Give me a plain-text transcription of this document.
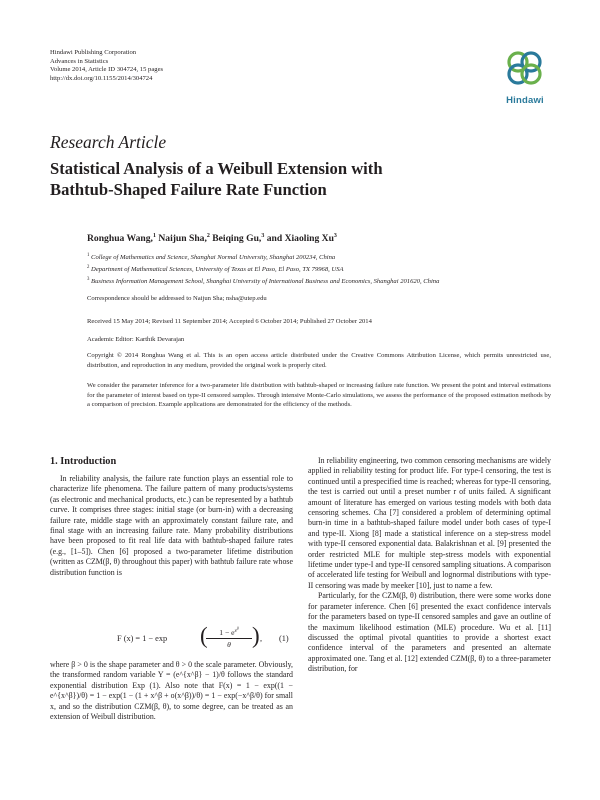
Hindawi Publishing Corporation
Advances in Statistics
Volume 2014, Article ID 304724, 15 pages
http://dx.doi.org/10.1155/2014/304724
Hindawi
Research Article
Statistical Analysis of a Weibull Extension with
Bathtub-Shaped Failure Rate Function
Ronghua Wang,$^1$ Naijun Sha,$^2$ Beiqing Gu,$^3$ and Xiaoling Xu$^3$
$^1$ College of Mathematics and Science, Shanghai Normal University, Shanghai 200234, China
$^2$ Department of Mathematical Sciences, University of Texas at El Paso, El Paso, TX 79968, USA
$^3$ Business Information Management School, Shanghai University of International Business and Economics, Shanghai 201620, China
Correspondence should be addressed to Naijun Sha; nsha@utep.edu
Received 15 May 2014; Revised 11 September 2014; Accepted 6 October 2014; Published 27 October 2014
Academic Editor: Karthik Devarajan
Copyright © 2014 Ronghua Wang et al. This is an open access article distributed under the Creative Commons Attribution License, which permits unrestricted use, distribution, and reproduction in any medium, provided the original work is properly cited.
We consider the parameter inference for a two-parameter life distribution with bathtub-shaped or increasing failure rate function. We present the point and interval estimations for the parameter of interest based on type-II censored samples. Through intensive Monte-Carlo simulations, we assess the performance of the proposed estimation methods by a comparison of precision. Example applications are demonstrated for the efficiency of the methods.
1. Introduction

In reliability analysis, the failure rate function plays an essential role to characterize life phenomena. The failure pattern of many products/systems (as electronic and mechanical products, etc.) can be represented by a bathtub curve. It comprises three stages: initial stage (or burn-in) with a decreasing failure rate, middle stage with an approximately constant failure rate, and final stage with an increasing failure rate. Many probability distributions have been proposed to fit real life data with bathtub-shaped failure rates (e.g., [1–5]). Chen [6] proposed a two-parameter lifetime distribution (written as CZM(β, θ) throughout this paper) with bathtub failure rate whose distribution function is

F (x) = 1 − exp (	$1 - e^{x^\beta}$
θ ) , (1)

where β > 0 is the shape parameter and θ > 0 the scale parameter. Obviously, the transformed random variable Y = (e^{x^β} − 1)/θ follows the standard exponential distribution Exp (1). Also note that F(x) = 1 − exp((1 − e^{x^β})/θ) = 1 − exp(1 − (1 + x^β + o(x^β))/θ) = 1 − exp(−x^β/θ) for small x, and so the distribution CZM(β, θ), to some degree, can be treated as an extension of Weibull distribution.

In reliability engineering, two common censoring mechanisms are widely applied in reliability testing for product life. For type-I censoring, the test is continued until a prespecified time is reached; whereas for type-II censoring, the test is carried out until a preset number r of units failed. A significant amount of literature has emerged on various testing models with both data censoring schemes. Cha [7] considered a problem of determining optimal burn-in time in a bathtub-shaped failure model under both cases of type-I and type-II. Xiong [8] made a statistical inference on a step-stress model with type-II censored exponential data. Balakrishnan et al. [9] presented the order restricted MLE for multiple step-stress models with exponential lifetime under type-I and type-II censored sampling situations. A comparison of accelerated life testing for Weibull and lognormal distributions with type-II censoring was made by meeker [10], just to name a few.

Particularly, for the CZM(β, θ) distribution, there were some works done for parameter inference. Chen [6] presented the exact confidence intervals for the parameters based on type-II censored samples and gave an outline of the maximum likelihood estimation (MLE) procedure. Wu et al. [11] discussed the optimal pivotal quantities to provide a shortest exact confidence interval of the parameters and presented an alternate approximated one. Tang et al. [12] extended CZM(β, θ) to a three-parameter distribution, for
